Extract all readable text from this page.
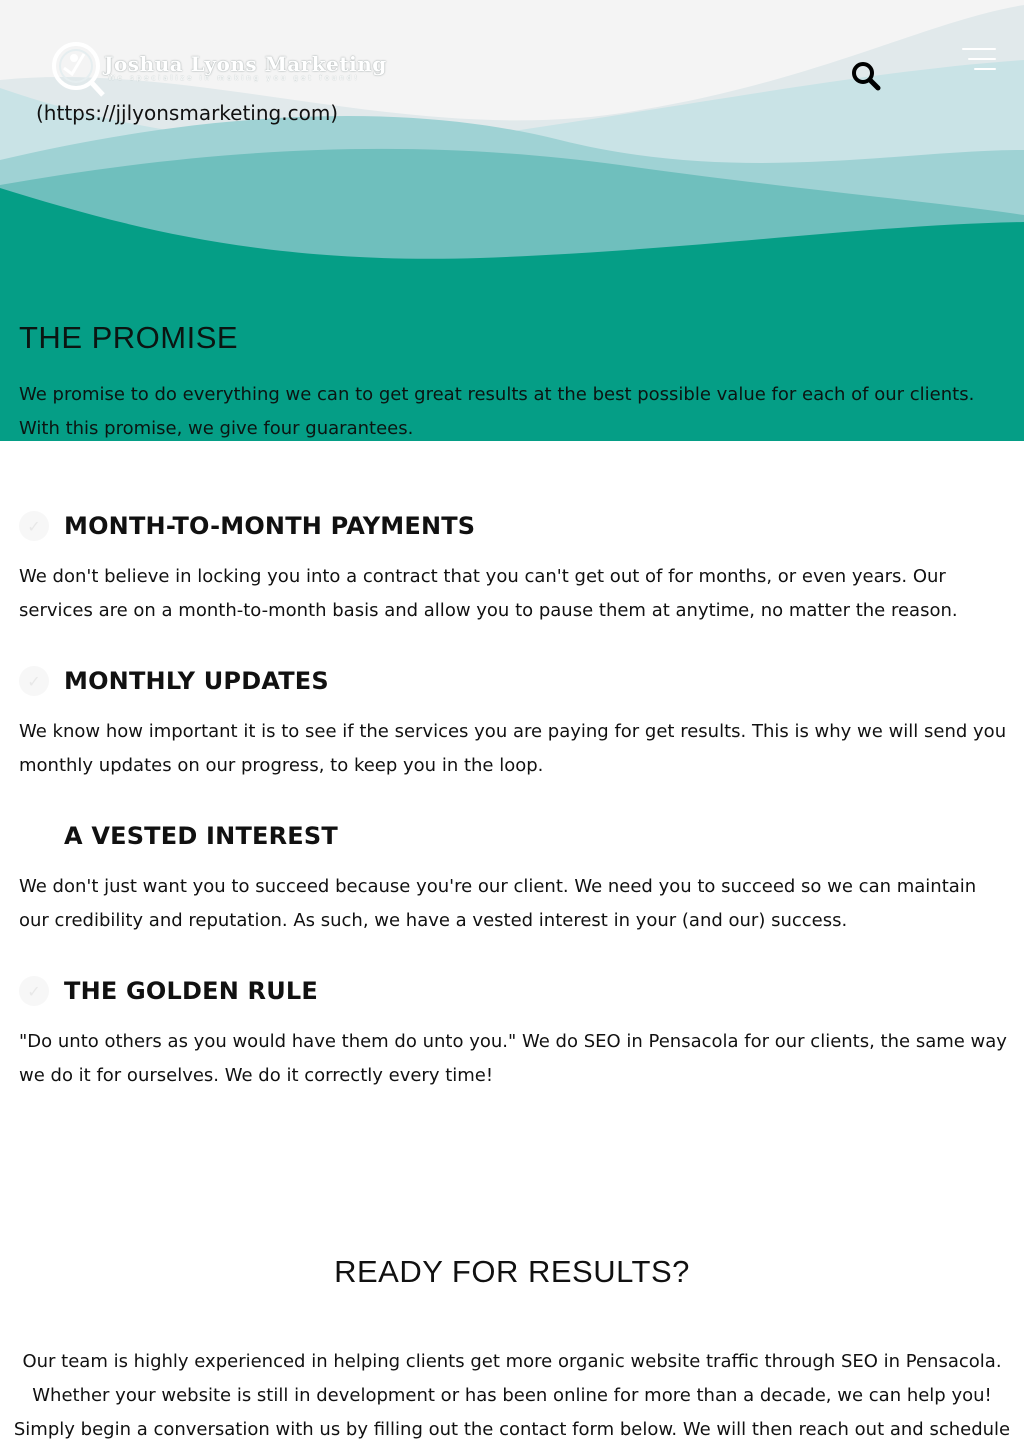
Joshua Lyons Marketing
We specialize in making you get found!
(https://jjlyonsmarketing.com)
THE PROMISE

We promise to do everything we can to get great results at the best possible value for each of our clients. With this promise, we give four guarantees.

✓ MONTH-TO-MONTH PAYMENTS

We don't believe in locking you into a contract that you can't get out of for months, or even years. Our services are on a month-to-month basis and allow you to pause them at anytime, no matter the reason.

✓ MONTHLY UPDATES

We know how important it is to see if the services you are paying for get results. This is why we will send you monthly updates on our progress, to keep you in the loop.

A VESTED INTEREST

We don't just want you to succeed because you're our client. We need you to succeed so we can maintain our credibility and reputation. As such, we have a vested interest in your (and our) success.

✓ THE GOLDEN RULE

"Do unto others as you would have them do unto you." We do SEO in Pensacola for our clients, the same way we do it for ourselves. We do it correctly every time!

READY FOR RESULTS?

Our team is highly experienced in helping clients get more organic website traffic through SEO in Pensacola. Whether your website is still in development or has been online for more than a decade, we can help you! Simply begin a conversation with us by filling out the contact form below. We will then reach out and schedule
